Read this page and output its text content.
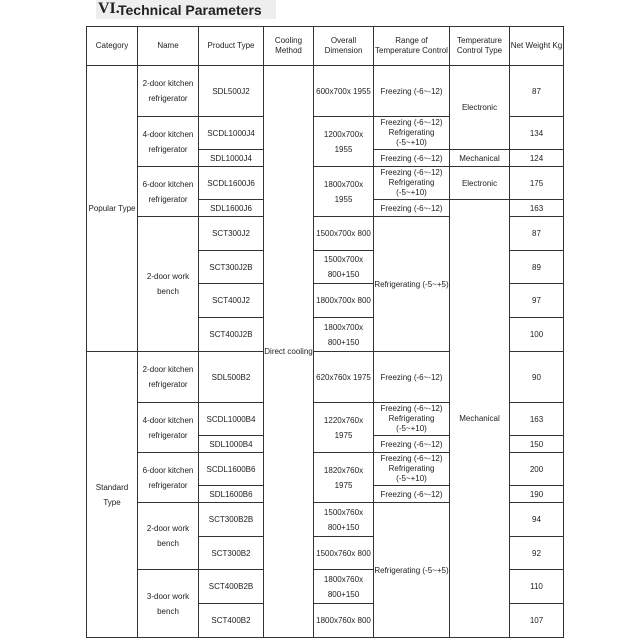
VI.
Technical Parameters
Category	Name	Product Type	Cooling Method	Overall Dimension	Range of Temperature Control	Temperature Control Type	Net Weight Kg
Popular Type	2-door kitchen refrigerator	SDL500J2	Direct cooling	600x700x 1955	Freezing (-6~-12)	Electronic	87
	4-door kitchen refrigerator	SCDL1000J4		1200x700x 1955	Freezing (-6~-12) Refrigerating (-5~+10)		134
		SDL1000J4			Freezing (-6~-12)	Mechanical	124
	6-door kitchen refrigerator	SCDL1600J6		1800x700x 1955	Freezing (-6~-12) Refrigerating (-5~+10)	Electronic	175
		SDL1600J6			Freezing (-6~-12)	Mechanical	163
	2-door work bench	SCT300J2		1500x700x 800	Refrigerating (-5~+5)		87
		SCT300J2B		1500x700x 800+150			89
		SCT400J2		1800x700x 800			97
		SCT400J2B		1800x700x 800+150			100
Standard Type	2-door kitchen refrigerator	SDL500B2		620x760x 1975	Freezing (-6~-12)		90
	4-door kitchen refrigerator	SCDL1000B4		1220x760x 1975	Freezing (-6~-12) Refrigerating (-5~+10)		163
		SDL1000B4			Freezing (-6~-12)		150
	6-door kitchen refrigerator	SCDL1600B6		1820x760x 1975	Freezing (-6~-12) Refrigerating (-5~+10)		200
		SDL1600B6			Freezing (-6~-12)		190
	2-door work bench	SCT300B2B		1500x760x 800+150	Refrigerating (-5~+5)		94
		SCT300B2		1500x760x 800			92
	3-door work bench	SCT400B2B		1800x760x 800+150			110
		SCT400B2		1800x760x 800			107
